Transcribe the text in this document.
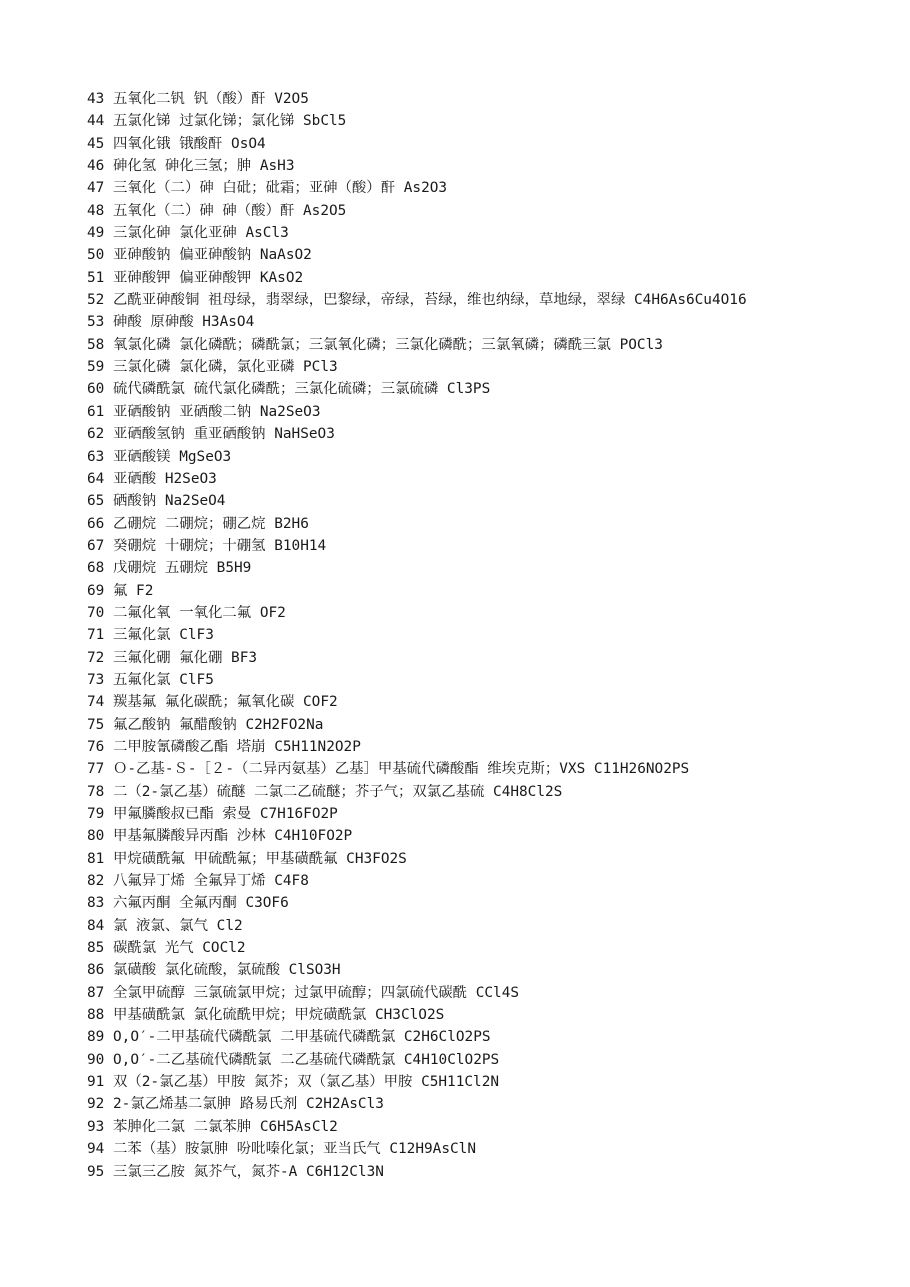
43 五氧化二钒 钒（酸）酐 V2O5
44 五氯化锑 过氯化锑；氯化锑 SbCl5
45 四氧化锇 锇酸酐 OsO4
46 砷化氢 砷化三氢；胂 AsH3
47 三氧化（二）砷 白砒；砒霜；亚砷（酸）酐 As2O3
48 五氧化（二）砷 砷（酸）酐 As2O5
49 三氯化砷 氯化亚砷 AsCl3
50 亚砷酸钠 偏亚砷酸钠 NaAsO2
51 亚砷酸钾 偏亚砷酸钾 KAsO2
52 乙酰亚砷酸铜 祖母绿，翡翠绿，巴黎绿，帝绿，苔绿，维也纳绿，草地绿，翠绿 C4H6As6Cu4O16
53 砷酸 原砷酸 H3AsO4
58 氧氯化磷 氯化磷酰；磷酰氯；三氯氧化磷；三氯化磷酰；三氯氧磷；磷酰三氯 POCl3
59 三氯化磷 氯化磷，氯化亚磷 PCl3
60 硫代磷酰氯 硫代氯化磷酰；三氯化硫磷；三氯硫磷 Cl3PS
61 亚硒酸钠 亚硒酸二钠 Na2SeO3
62 亚硒酸氢钠 重亚硒酸钠 NaHSeO3
63 亚硒酸镁 MgSeO3
64 亚硒酸 H2SeO3
65 硒酸钠 Na2SeO4
66 乙硼烷 二硼烷；硼乙烷 B2H6
67 癸硼烷 十硼烷；十硼氢 B10H14
68 戊硼烷 五硼烷 B5H9
69 氟 F2
70 二氟化氧 一氧化二氟 OF2
71 三氟化氯 ClF3
72 三氟化硼 氟化硼 BF3
73 五氟化氯 ClF5
74 羰基氟 氟化碳酰；氟氧化碳 COF2
75 氟乙酸钠 氟醋酸钠 C2H2FO2Na
76 二甲胺氰磷酸乙酯 塔崩 C5H11N2O2P
77 Ｏ-乙基-Ｓ-［２-（二异丙氨基）乙基］甲基硫代磷酸酯 维埃克斯；VXS C11H26NO2PS
78 二（2-氯乙基）硫醚 二氯二乙硫醚；芥子气；双氯乙基硫 C4H8Cl2S
79 甲氟膦酸叔已酯 索曼 C7H16FO2P
80 甲基氟膦酸异丙酯 沙林 C4H10FO2P
81 甲烷磺酰氟 甲硫酰氟；甲基磺酰氟 CH3FO2S
82 八氟异丁烯 全氟异丁烯 C4F8
83 六氟丙酮 全氟丙酮 C3OF6
84 氯 液氯、氯气 Cl2
85 碳酰氯 光气 COCl2
86 氯磺酸 氯化硫酸，氯硫酸 ClSO3H
87 全氯甲硫醇 三氯硫氯甲烷；过氯甲硫醇；四氯硫代碳酰 CCl4S
88 甲基磺酰氯 氯化硫酰甲烷；甲烷磺酰氯 CH3ClO2S
89 O,O′-二甲基硫代磷酰氯 二甲基硫代磷酰氯 C2H6ClO2PS
90 O,O′-二乙基硫代磷酰氯 二乙基硫代磷酰氯 C4H10ClO2PS
91 双（2-氯乙基）甲胺 氮芥；双（氯乙基）甲胺 C5H11Cl2N
92 2-氯乙烯基二氯胂 路易氏剂 C2H2AsCl3
93 苯胂化二氯 二氯苯胂 C6H5AsCl2
94 二苯（基）胺氯胂 吩吡嗪化氯；亚当氏气 C12H9AsClN
95 三氯三乙胺 氮芥气，氮芥-A C6H12Cl3N
